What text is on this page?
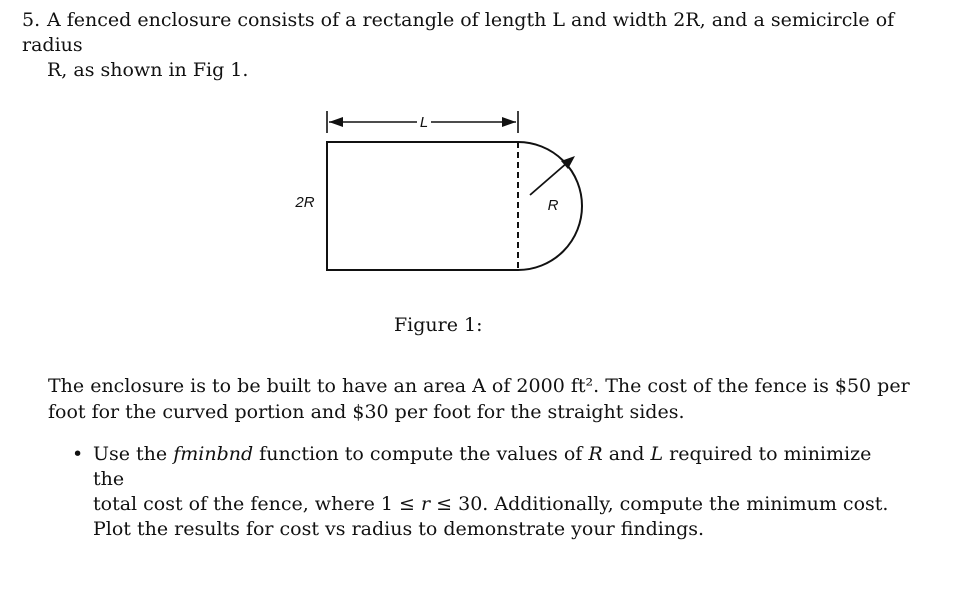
5. A fenced enclosure consists of a rectangle of length L and width 2R, and a semicircle of radius
R, as shown in Fig 1.
L
R
2R
Figure 1:
The enclosure is to be built to have an area A of 2000 ft². The cost of the fence is $50 per
foot for the curved portion and $30 per foot for the straight sides.
• Use the fminbnd function to compute the values of R and L required to minimize the
total cost of the fence, where 1 ≤ r ≤ 30. Additionally, compute the minimum cost.
Plot the results for cost vs radius to demonstrate your findings.
